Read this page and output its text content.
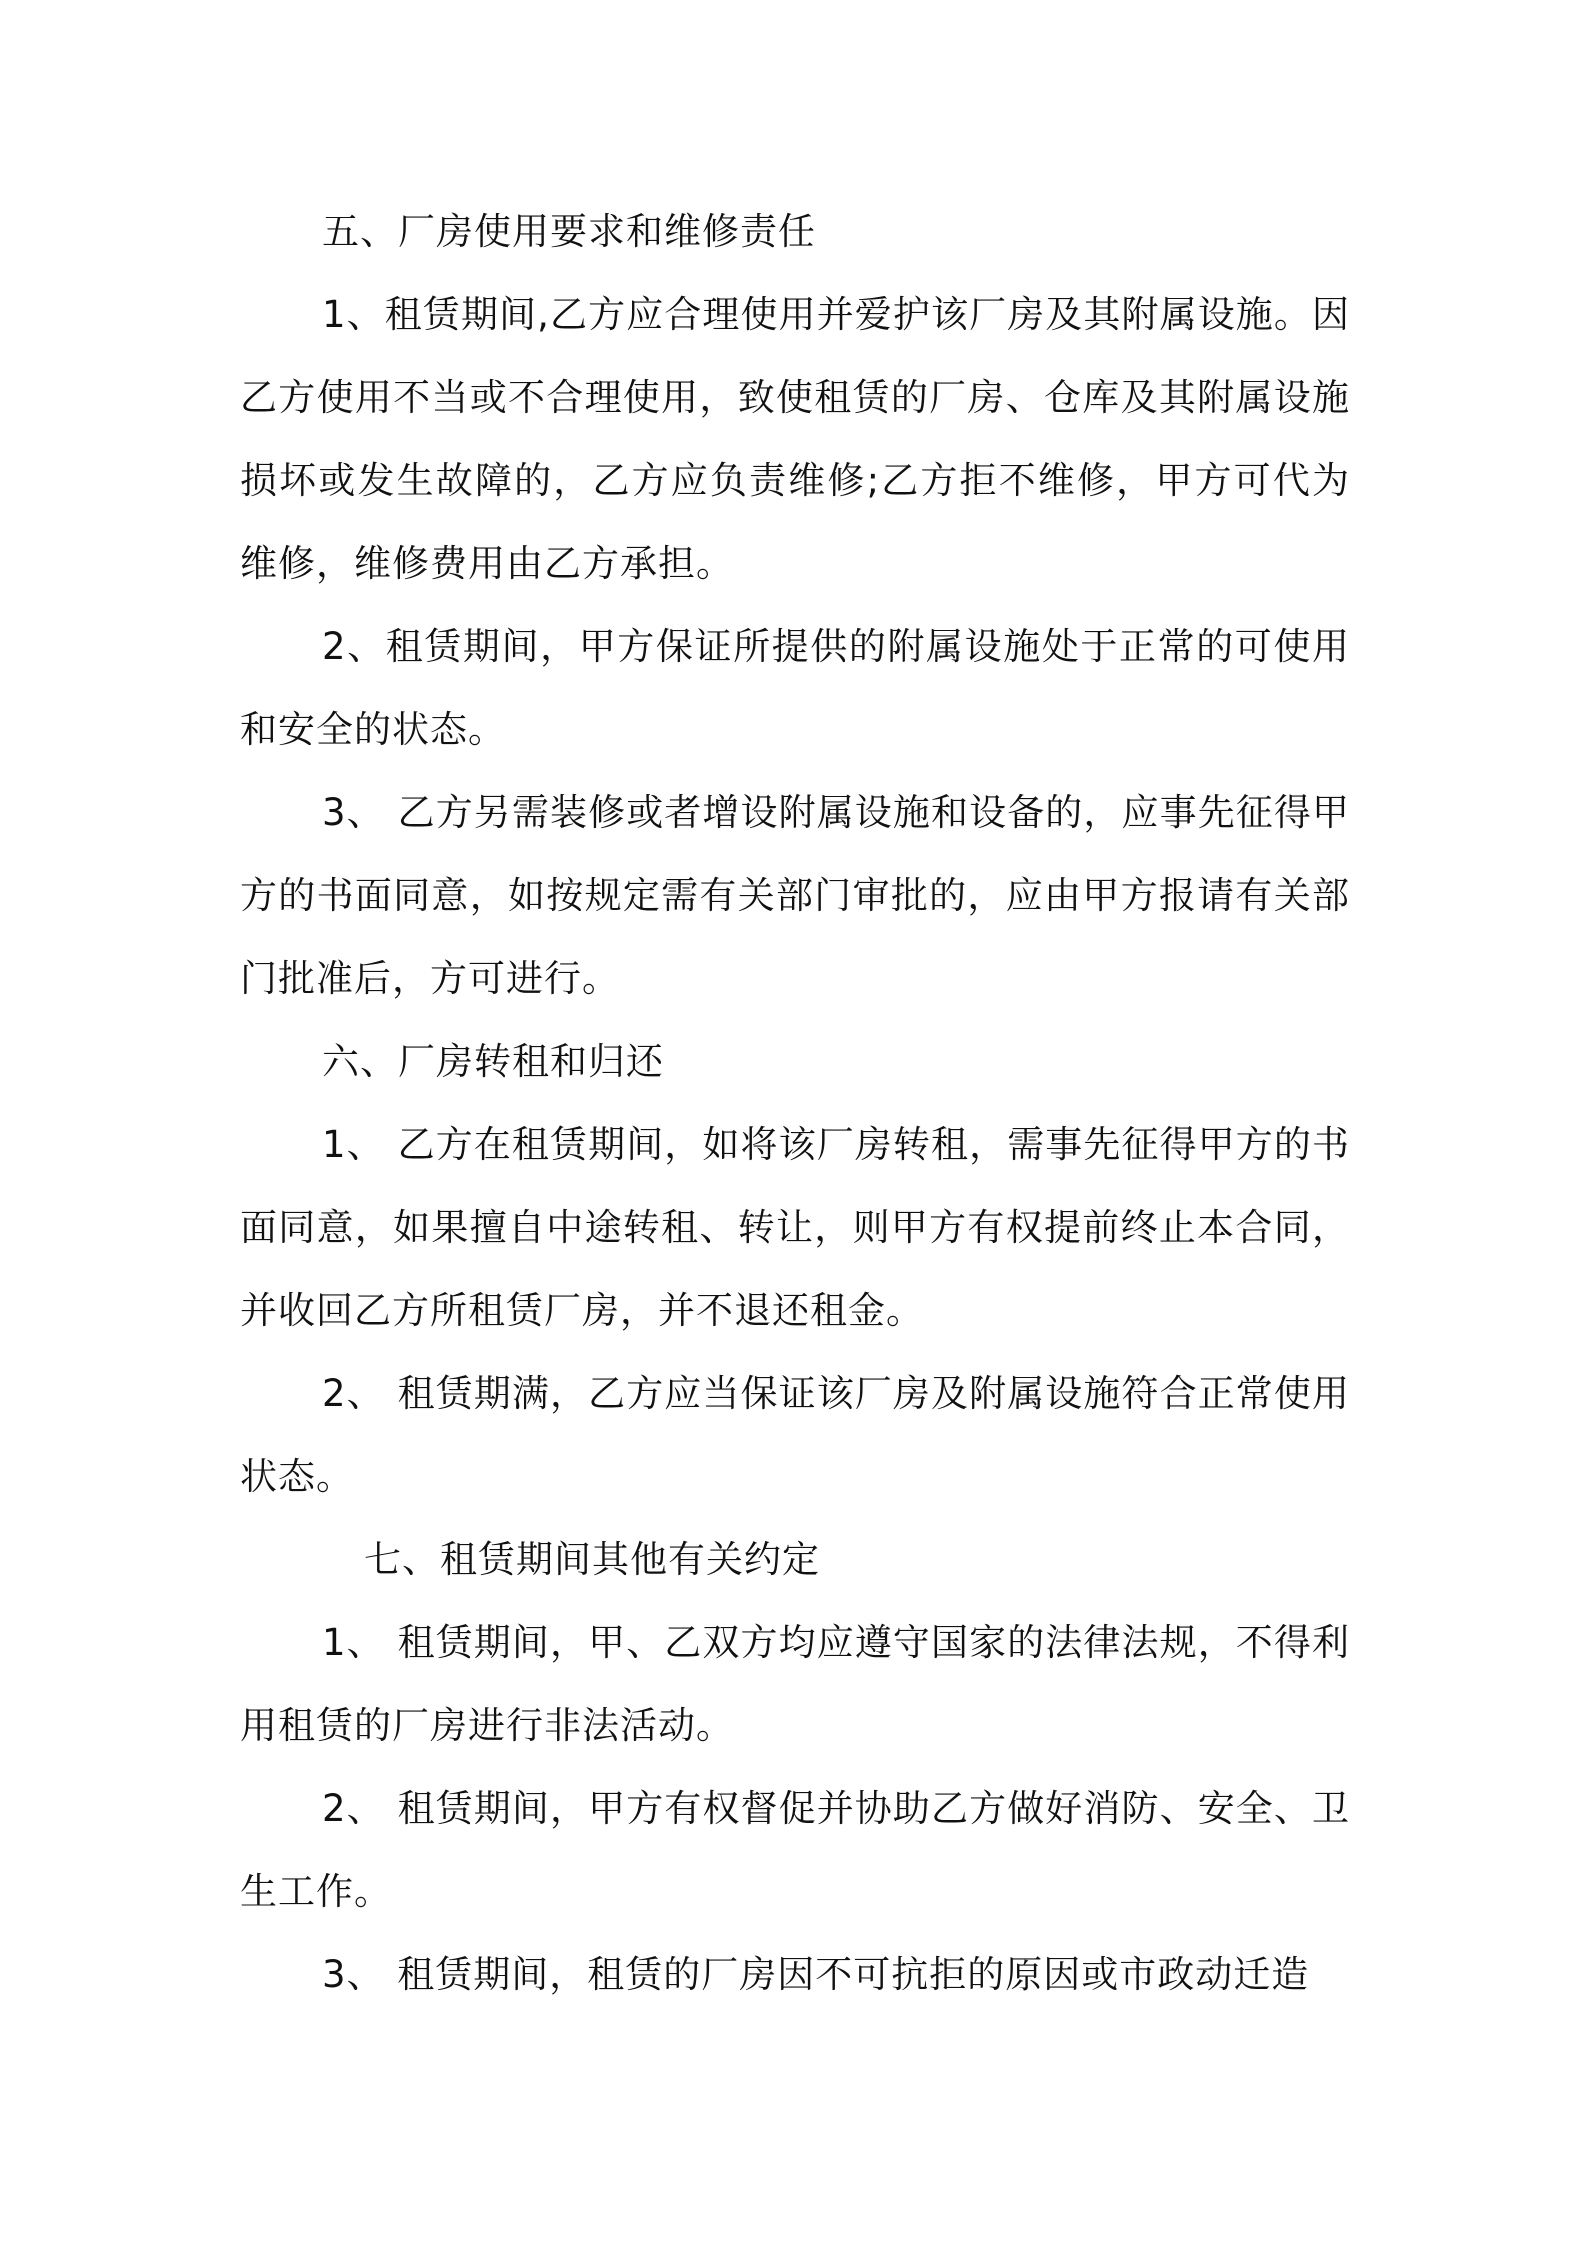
五、厂房使用要求和维修责任

1、租赁期间,乙方应合理使用并爱护该厂房及其附属设施。因乙方使用不当或不合理使用，致使租赁的厂房、仓库及其附属设施损坏或发生故障的，乙方应负责维修;乙方拒不维修，甲方可代为维修，维修费用由乙方承担。

2、租赁期间，甲方保证所提供的附属设施处于正常的可使用和安全的状态。

3、 乙方另需装修或者增设附属设施和设备的，应事先征得甲方的书面同意，如按规定需有关部门审批的，应由甲方报请有关部门批准后，方可进行。

六、厂房转租和归还

1、 乙方在租赁期间，如将该厂房转租，需事先征得甲方的书面同意，如果擅自中途转租、转让，则甲方有权提前终止本合同，并收回乙方所租赁厂房，并不退还租金。

2、 租赁期满，乙方应当保证该厂房及附属设施符合正常使用状态。

七、租赁期间其他有关约定

1、 租赁期间，甲、乙双方均应遵守国家的法律法规，不得利用租赁的厂房进行非法活动。

2、 租赁期间，甲方有权督促并协助乙方做好消防、安全、卫生工作。

3、 租赁期间，租赁的厂房因不可抗拒的原因或市政动迁造
